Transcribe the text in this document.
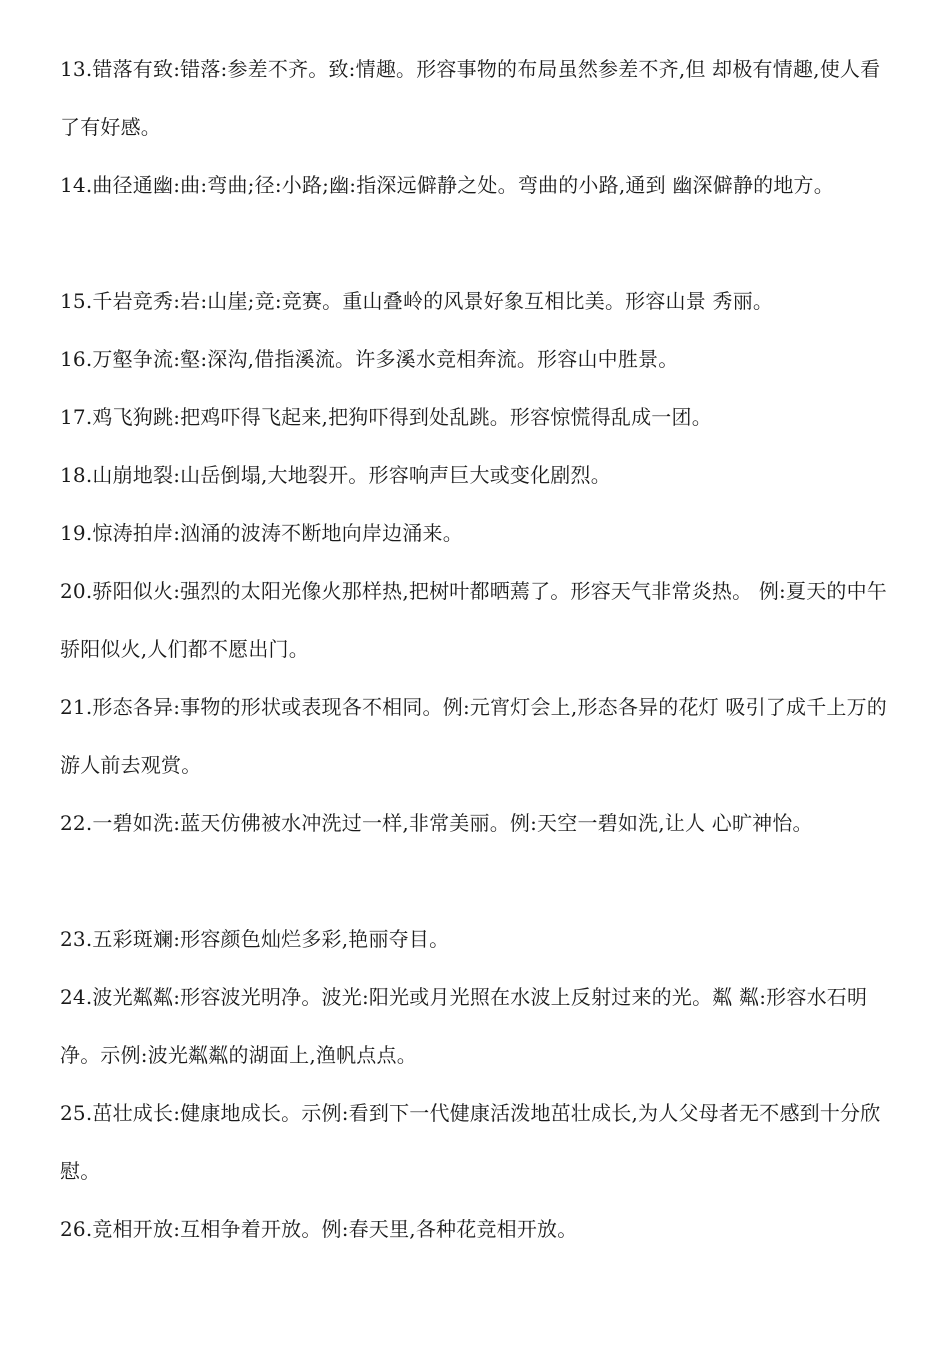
13.错落有致:错落:参差不齐。致:情趣。形容事物的布局虽然参差不齐,但 却极有情趣,使人看了有好感。

14.曲径通幽:曲:弯曲;径:小路;幽:指深远僻静之处。弯曲的小路,通到 幽深僻静的地方。

15.千岩竞秀:岩:山崖;竞:竞赛。重山叠岭的风景好象互相比美。形容山景 秀丽。

16.万壑争流:壑:深沟,借指溪流。许多溪水竞相奔流。形容山中胜景。

17.鸡飞狗跳:把鸡吓得飞起来,把狗吓得到处乱跳。形容惊慌得乱成一团。

18.山崩地裂:山岳倒塌,大地裂开。形容响声巨大或变化剧烈。

19.惊涛拍岸:汹涌的波涛不断地向岸边涌来。

20.骄阳似火:强烈的太阳光像火那样热,把树叶都晒蔫了。形容天气非常炎热。 例:夏天的中午骄阳似火,人们都不愿出门。

21.形态各异:事物的形状或表现各不相同。例:元宵灯会上,形态各异的花灯 吸引了成千上万的游人前去观赏。

22.一碧如洗:蓝天仿佛被水冲洗过一样,非常美丽。例:天空一碧如洗,让人 心旷神怡。

23.五彩斑斓:形容颜色灿烂多彩,艳丽夺目。

24.波光粼粼:形容波光明净。波光:阳光或月光照在水波上反射过来的光。粼 粼:形容水石明净。示例:波光粼粼的湖面上,渔帆点点。

25.茁壮成长:健康地成长。示例:看到下一代健康活泼地茁壮成长,为人父母者无不感到十分欣慰。

26.竞相开放:互相争着开放。例:春天里,各种花竞相开放。
